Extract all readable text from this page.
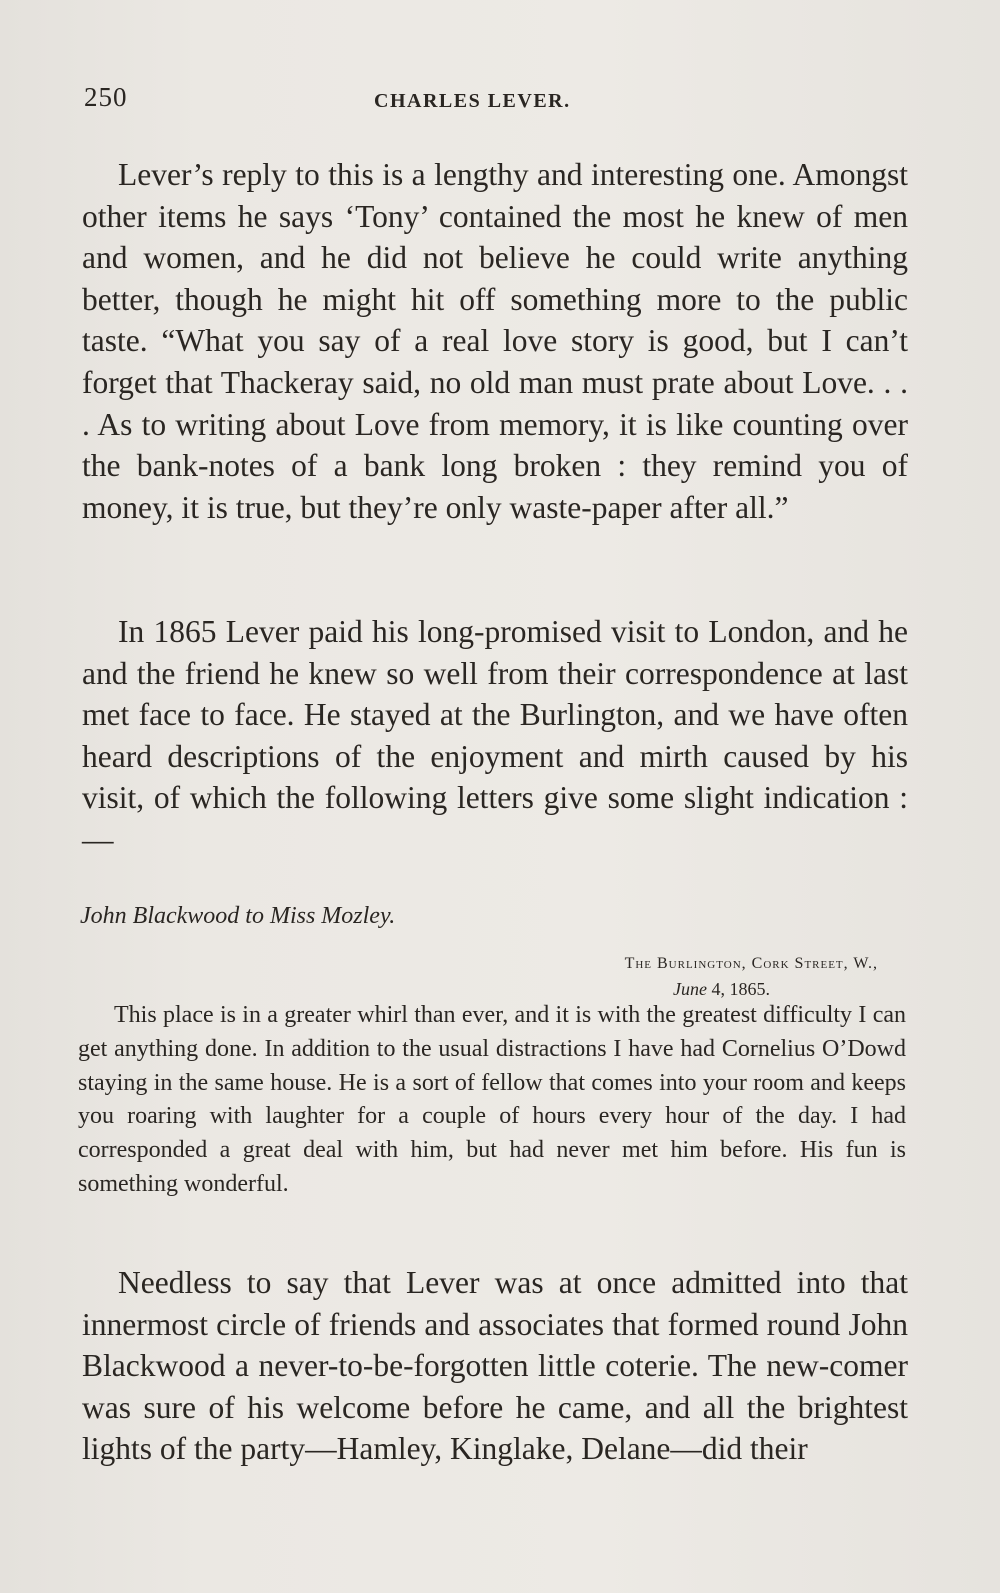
250	CHARLES LEVER.

Lever’s reply to this is a lengthy and interesting one. Amongst other items he says ‘Tony’ contained the most he knew of men and women, and he did not believe he could write anything better, though he might hit off something more to the public taste. “What you say of a real love story is good, but I can’t forget that Thackeray said, no old man must prate about Love. . . . As to writing about Love from memory, it is like counting over the bank-notes of a bank long broken : they remind you of money, it is true, but they’re only waste-paper after all.”

In 1865 Lever paid his long-promised visit to London, and he and the friend he knew so well from their correspondence at last met face to face. He stayed at the Burlington, and we have often heard descriptions of the enjoyment and mirth caused by his visit, of which the following letters give some slight indication :—

John Blackwood to Miss Mozley.
The Burlington, Cork Street, W.,
June 4, 1865.

This place is in a greater whirl than ever, and it is with the greatest difficulty I can get anything done. In addition to the usual distractions I have had Cornelius O’Dowd staying in the same house. He is a sort of fellow that comes into your room and keeps you roaring with laughter for a couple of hours every hour of the day. I had corresponded a great deal with him, but had never met him before. His fun is something wonderful.

Needless to say that Lever was at once admitted into that innermost circle of friends and associates that formed round John Blackwood a never-to-be-forgotten little coterie. The new-comer was sure of his welcome before he came, and all the brightest lights of the party—Hamley, Kinglake, Delane—did their
